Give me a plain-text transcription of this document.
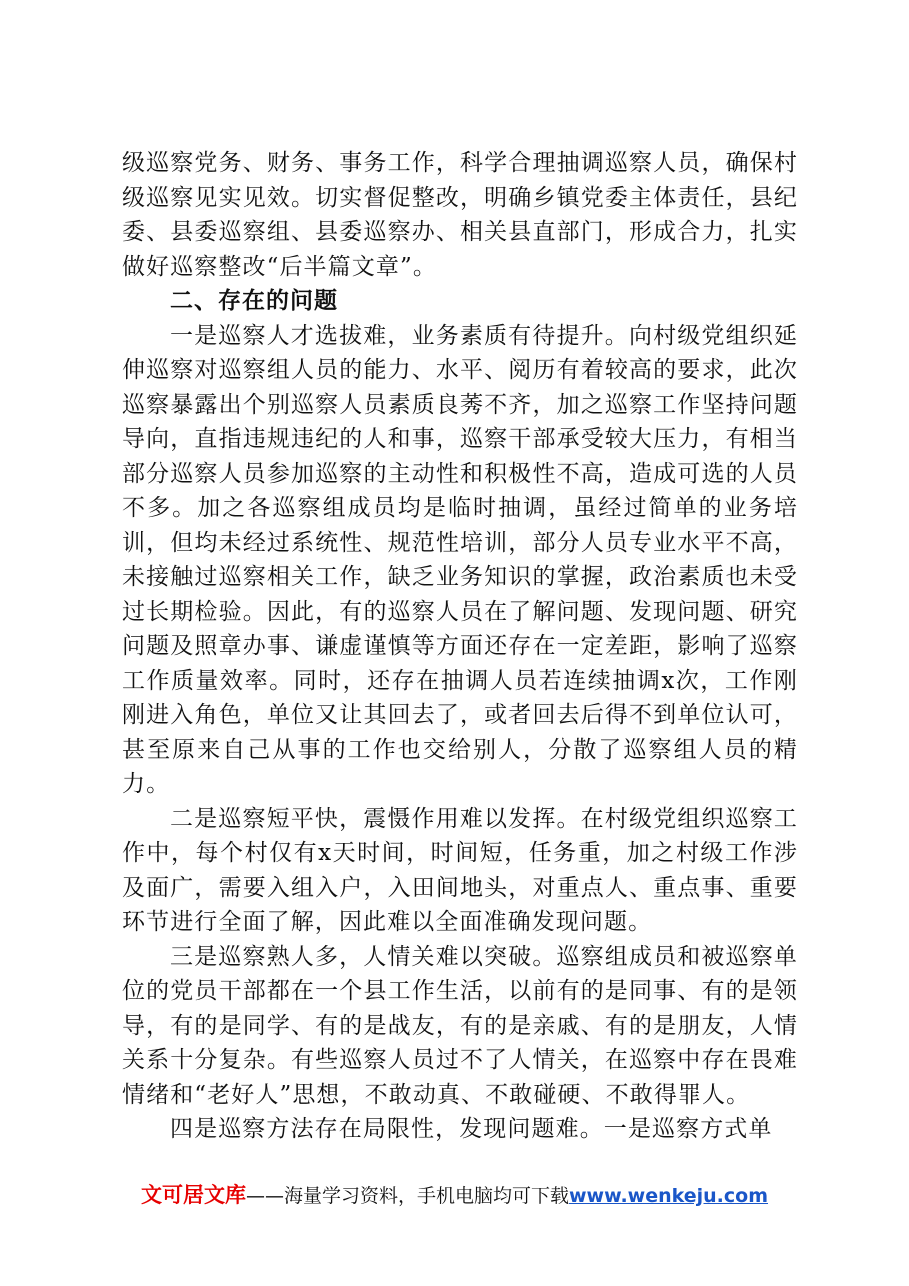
级巡察党务、财务、事务工作，科学合理抽调巡察人员，确保村级巡察见实见效。切实督促整改，明确乡镇党委主体责任，县纪委、县委巡察组、县委巡察办、相关县直部门，形成合力，扎实做好巡察整改“后半篇文章”。

二、存在的问题

一是巡察人才选拔难，业务素质有待提升。向村级党组织延伸巡察对巡察组人员的能力、水平、阅历有着较高的要求，此次巡察暴露出个别巡察人员素质良莠不齐，加之巡察工作坚持问题导向，直指违规违纪的人和事，巡察干部承受较大压力，有相当部分巡察人员参加巡察的主动性和积极性不高，造成可选的人员不多。加之各巡察组成员均是临时抽调，虽经过简单的业务培训，但均未经过系统性、规范性培训，部分人员专业水平不高，未接触过巡察相关工作，缺乏业务知识的掌握，政治素质也未受过长期检验。因此，有的巡察人员在了解问题、发现问题、研究问题及照章办事、谦虚谨慎等方面还存在一定差距，影响了巡察工作质量效率。同时，还存在抽调人员若连续抽调x次，工作刚刚进入角色，单位又让其回去了，或者回去后得不到单位认可，甚至原来自己从事的工作也交给别人，分散了巡察组人员的精力。

二是巡察短平快，震慑作用难以发挥。在村级党组织巡察工作中，每个村仅有x天时间，时间短，任务重，加之村级工作涉及面广，需要入组入户，入田间地头，对重点人、重点事、重要环节进行全面了解，因此难以全面准确发现问题。

三是巡察熟人多，人情关难以突破。巡察组成员和被巡察单位的党员干部都在一个县工作生活，以前有的是同事、有的是领导，有的是同学、有的是战友，有的是亲戚、有的是朋友，人情关系十分复杂。有些巡察人员过不了人情关，在巡察中存在畏难情绪和“老好人”思想，不敢动真、不敢碰硬、不敢得罪人。

四是巡察方法存在局限性，发现问题难。一是巡察方式单

文可居文库——海量学习资料，手机电脑均可下载www.wenkeju.com
